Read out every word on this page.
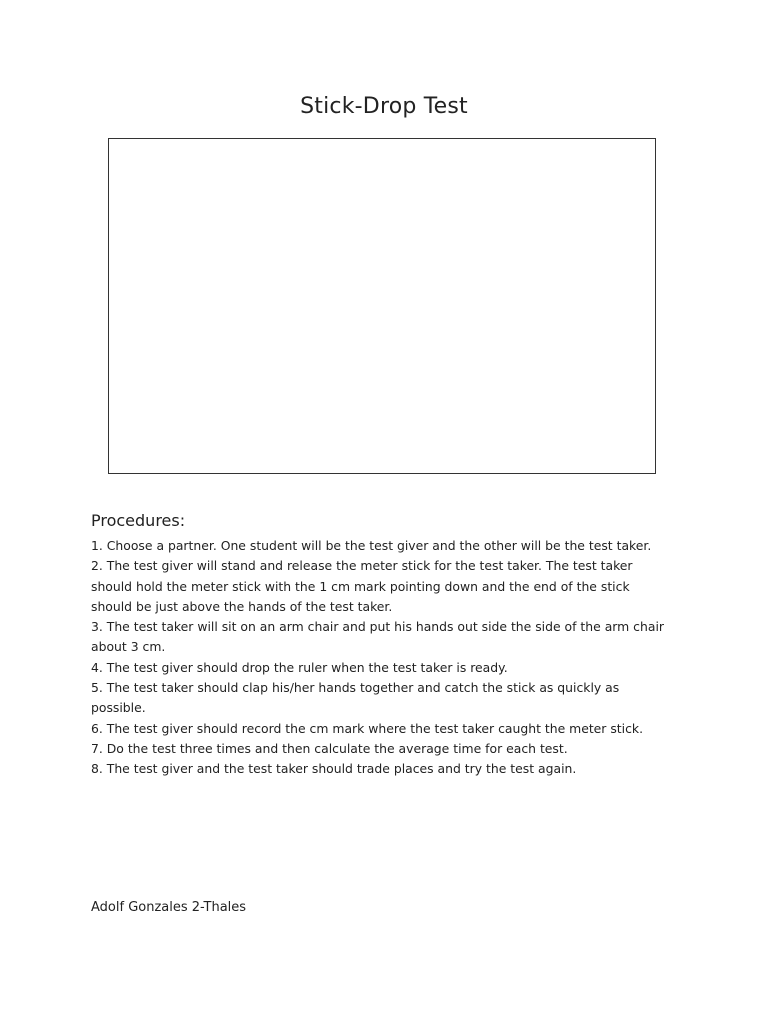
Stick-Drop Test
Procedures:
1. Choose a partner. One student will be the test giver and the other will be the test taker.
2. The test giver will stand and release the meter stick for the test taker. The test taker should hold the meter stick with the 1 cm mark pointing down and the end of the stick should be just above the hands of the test taker.
3. The test taker will sit on an arm chair and put his hands out side the side of the arm chair about 3 cm.
4. The test giver should drop the ruler when the test taker is ready.
5. The test taker should clap his/her hands together and catch the stick as quickly as possible.
6. The test giver should record the cm mark where the test taker caught the meter stick.
7. Do the test three times and then calculate the average time for each test.
8. The test giver and the test taker should trade places and try the test again.
Adolf Gonzales 2-Thales
